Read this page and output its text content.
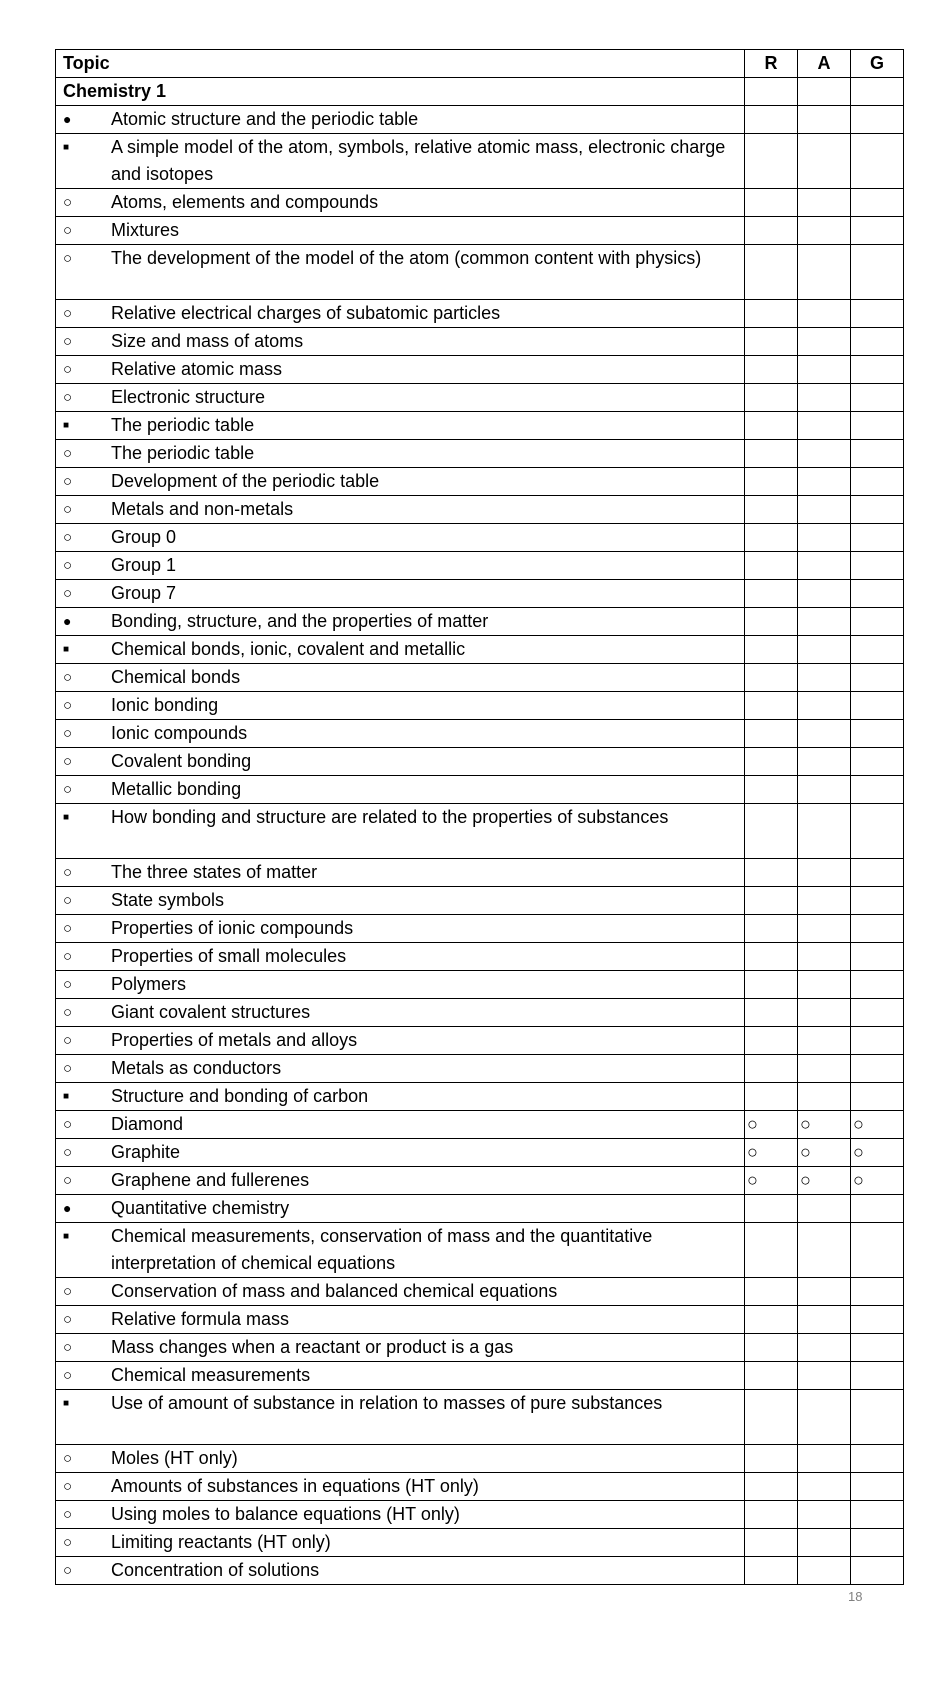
Topic	R	A	G
Chemistry 1			

● Atomic structure and the periodic table			

■ A simple model of the atom, symbols, relative atomic mass, electronic charge and isotopes			

○ Atoms, elements and compounds			

○ Mixtures			

○ The development of the model of the atom (common content with physics)			

○ Relative electrical charges of subatomic particles			

○ Size and mass of atoms			

○ Relative atomic mass			

○ Electronic structure			

■ The periodic table			

○ The periodic table			

○ Development of the periodic table			

○ Metals and non-metals			

○ Group 0			

○ Group 1			

○ Group 7			

● Bonding, structure, and the properties of matter			

■ Chemical bonds, ionic, covalent and metallic			

○ Chemical bonds			

○ Ionic bonding			

○ Ionic compounds			

○ Covalent bonding			

○ Metallic bonding			

■ How bonding and structure are related to the properties of substances			

○ The three states of matter			

○ State symbols			

○ Properties of ionic compounds			

○ Properties of small molecules			

○ Polymers			

○ Giant covalent structures			

○ Properties of metals and alloys			

○ Metals as conductors			

■ Structure and bonding of carbon			

○ Diamond	○	○	○

○ Graphite	○	○	○

○ Graphene and fullerenes	○	○	○

● Quantitative chemistry			

■ Chemical measurements, conservation of mass and the quantitative interpretation of chemical equations			

○ Conservation of mass and balanced chemical equations			

○ Relative formula mass			

○ Mass changes when a reactant or product is a gas			

○ Chemical measurements			

■ Use of amount of substance in relation to masses of pure substances			

○ Moles (HT only)			

○ Amounts of substances in equations (HT only)			

○ Using moles to balance equations (HT only)			

○ Limiting reactants (HT only)			

○ Concentration of solutions			

18
